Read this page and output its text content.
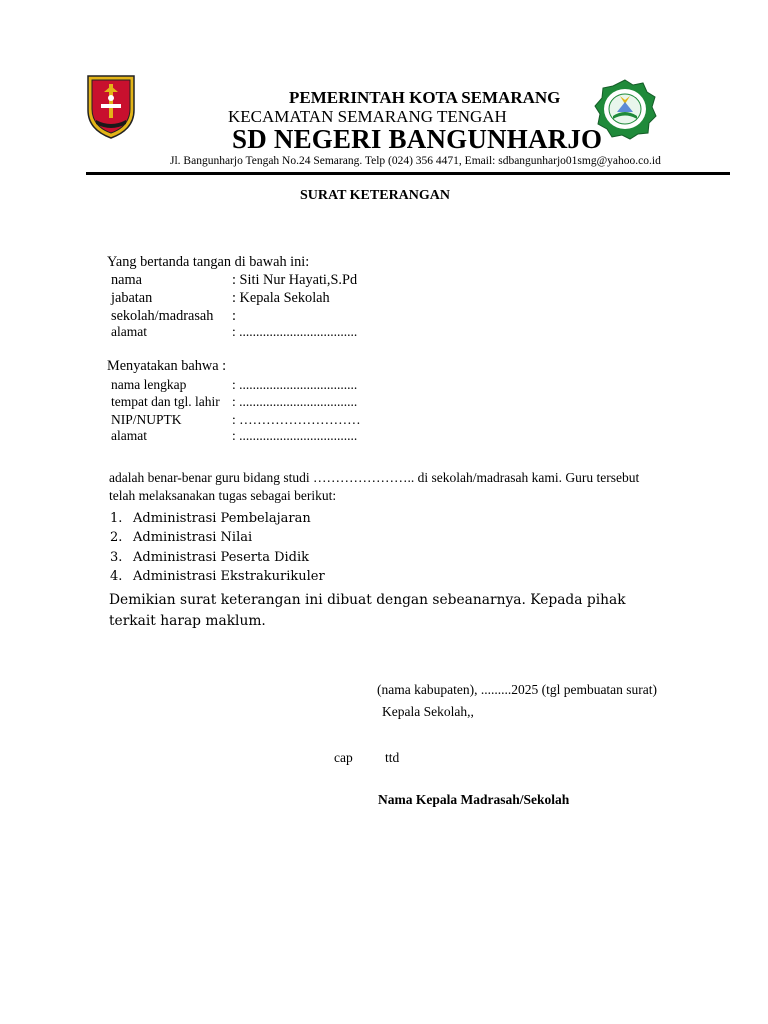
PEMERINTAH KOTA SEMARANG
KECAMATAN SEMARANG TENGAH
SD NEGERI BANGUNHARJO
Jl. Bangunharjo Tengah No.24 Semarang. Telp (024) 356 4471, Email: sdbangunharjo01smg@yahoo.co.id
SURAT KETERANGAN
Yang bertanda tangan di bawah ini:
nama	: Siti Nur Hayati,S.Pd
jabatan	: Kepala Sekolah
sekolah/madrasah :
alamat	: ...................................
Menyatakan bahwa :
nama lengkap	: ...................................
tempat dan tgl. lahir : ...................................
NIP/NUPTK	: ………………………
alamat	: ...................................
adalah benar-benar guru bidang studi ………………….. di sekolah/madrasah kami. Guru tersebut
telah melaksanakan tugas sebagai berikut:
1. Administrasi Pembelajaran
2. Administrasi Nilai
3. Administrasi Peserta Didik
4. Administrasi Ekstrakurikuler
Demikian surat keterangan ini dibuat dengan sebeanarnya. Kepada pihak terkait harap maklum.
(nama kabupaten), .........2025 (tgl pembuatan surat)
Kepala Sekolah,,
cap ttd
Nama Kepala Madrasah/Sekolah
